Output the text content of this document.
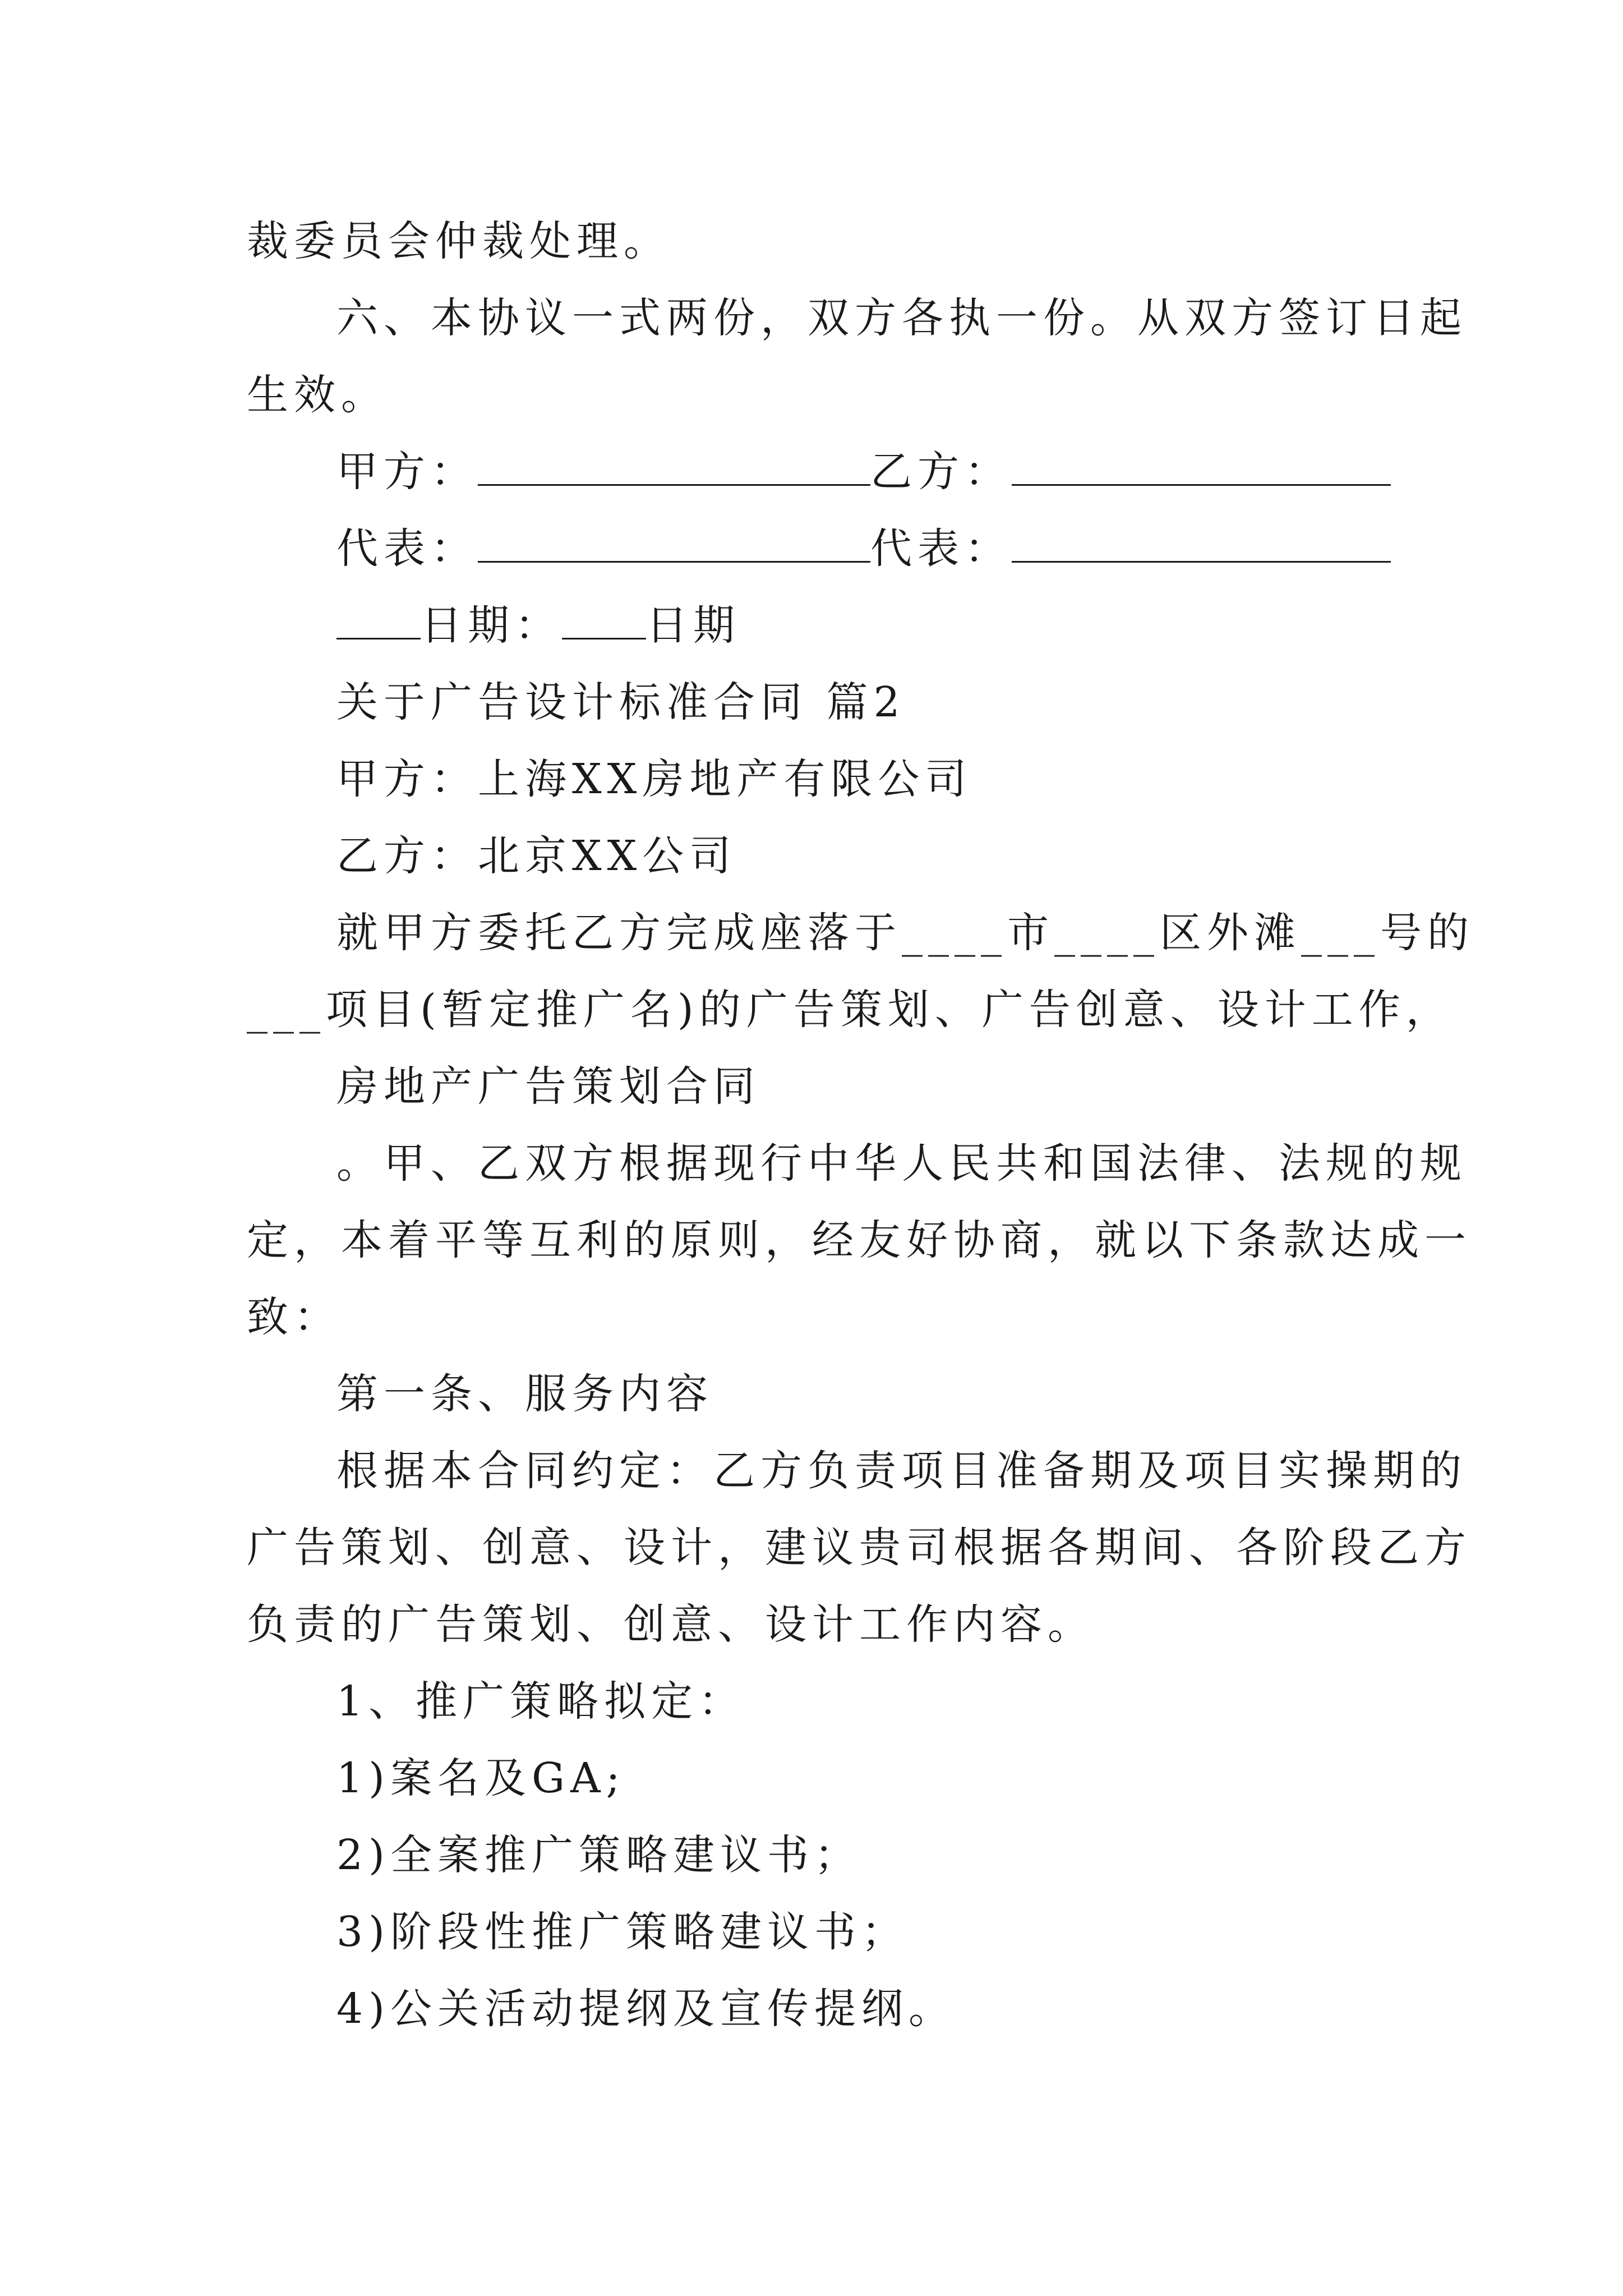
裁委员会仲裁处理。
六、本协议一式两份，双方各执一份。从双方签订日起
生效。
甲方：	乙方：
代表：	代表：
日期： 日期
关于广告设计标准合同 篇2
甲方：上海XX房地产有限公司
乙方：北京XX公司
就甲方委托乙方完成座落于____市____区外滩___号的
___项目(暂定推广名)的广告策划、广告创意、设计工作，
房地产广告策划合同
。甲、乙双方根据现行中华人民共和国法律、法规的规
定，本着平等互利的原则，经友好协商，就以下条款达成一
致：
第一条、服务内容
根据本合同约定：乙方负责项目准备期及项目实操期的
广告策划、创意、设计，建议贵司根据各期间、各阶段乙方
负责的广告策划、创意、设计工作内容。
1、推广策略拟定：
1)案名及GA;
2)全案推广策略建议书；
3)阶段性推广策略建议书；
4)公关活动提纲及宣传提纲。
